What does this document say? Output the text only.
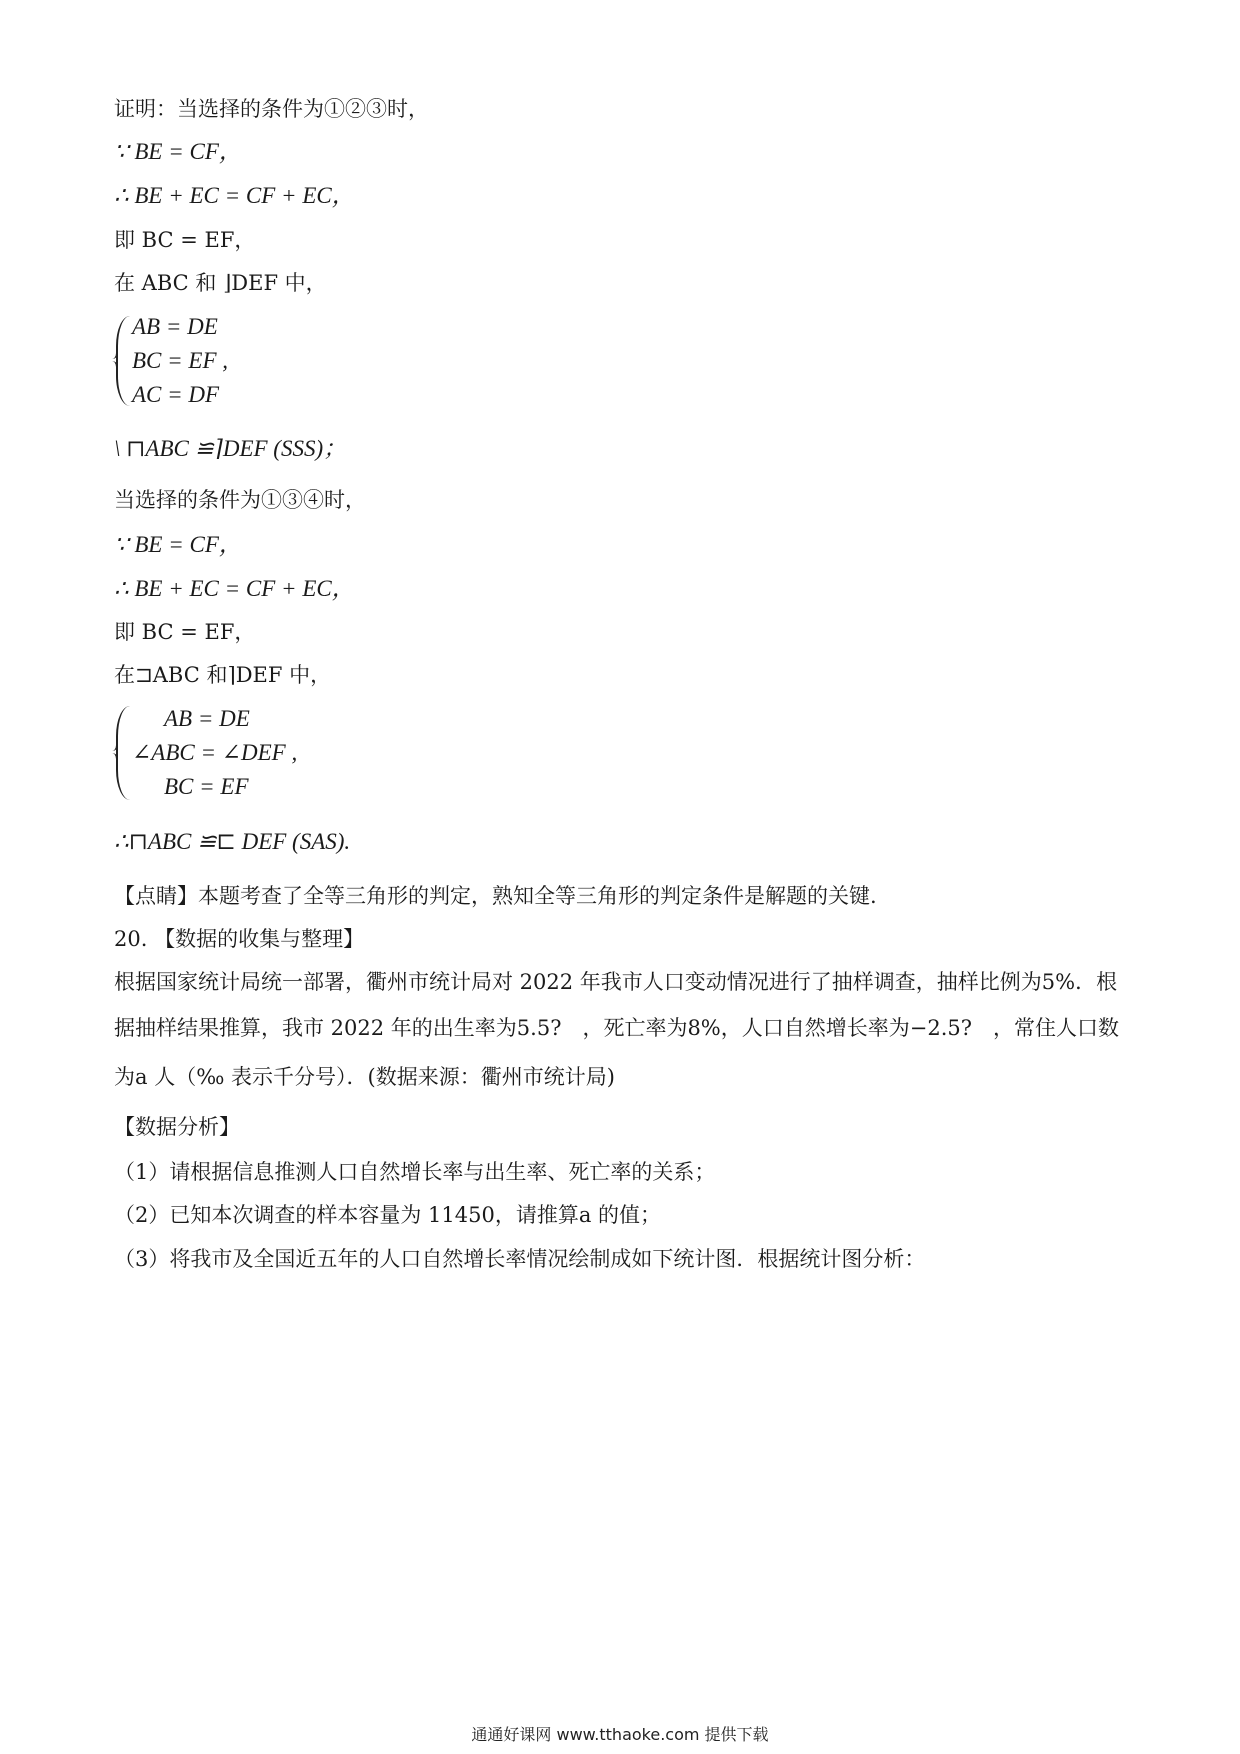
证明：当选择的条件为①②③时，
∵ BE = CF，
∴ BE + EC = CF + EC，
即 BC = EF，
在 ABC 和 ⌋DEF 中，
AB = DE
BC = EF ,
AC = DF
\ ⊓ABC ≌⌉DEF (SSS)；
当选择的条件为①③④时，
∵ BE = CF，
∴ BE + EC = CF + EC，
即 BC = EF，
在⊐ABC 和⌉DEF 中，
AB = DE
∠ABC = ∠DEF ,
BC = EF
∴⊓ABC ≌⊏ DEF (SAS).
【点睛】本题考查了全等三角形的判定，熟知全等三角形的判定条件是解题的关键.
20. 【数据的收集与整理】
根据国家统计局统一部署，衢州市统计局对 2022 年我市人口变动情况进行了抽样调查，抽样比例为5%．根
据抽样结果推算，我市 2022 年的出生率为5.5?　，死亡率为8%，人口自然增长率为−2.5?　，常住人口数
为a 人（‰ 表示千分号）．(数据来源：衢州市统计局)
【数据分析】
（1）请根据信息推测人口自然增长率与出生率、死亡率的关系；
（2）已知本次调查的样本容量为 11450，请推算a 的值；
（3）将我市及全国近五年的人口自然增长率情况绘制成如下统计图．根据统计图分析：
通通好课网 www.tthaoke.com 提供下载
